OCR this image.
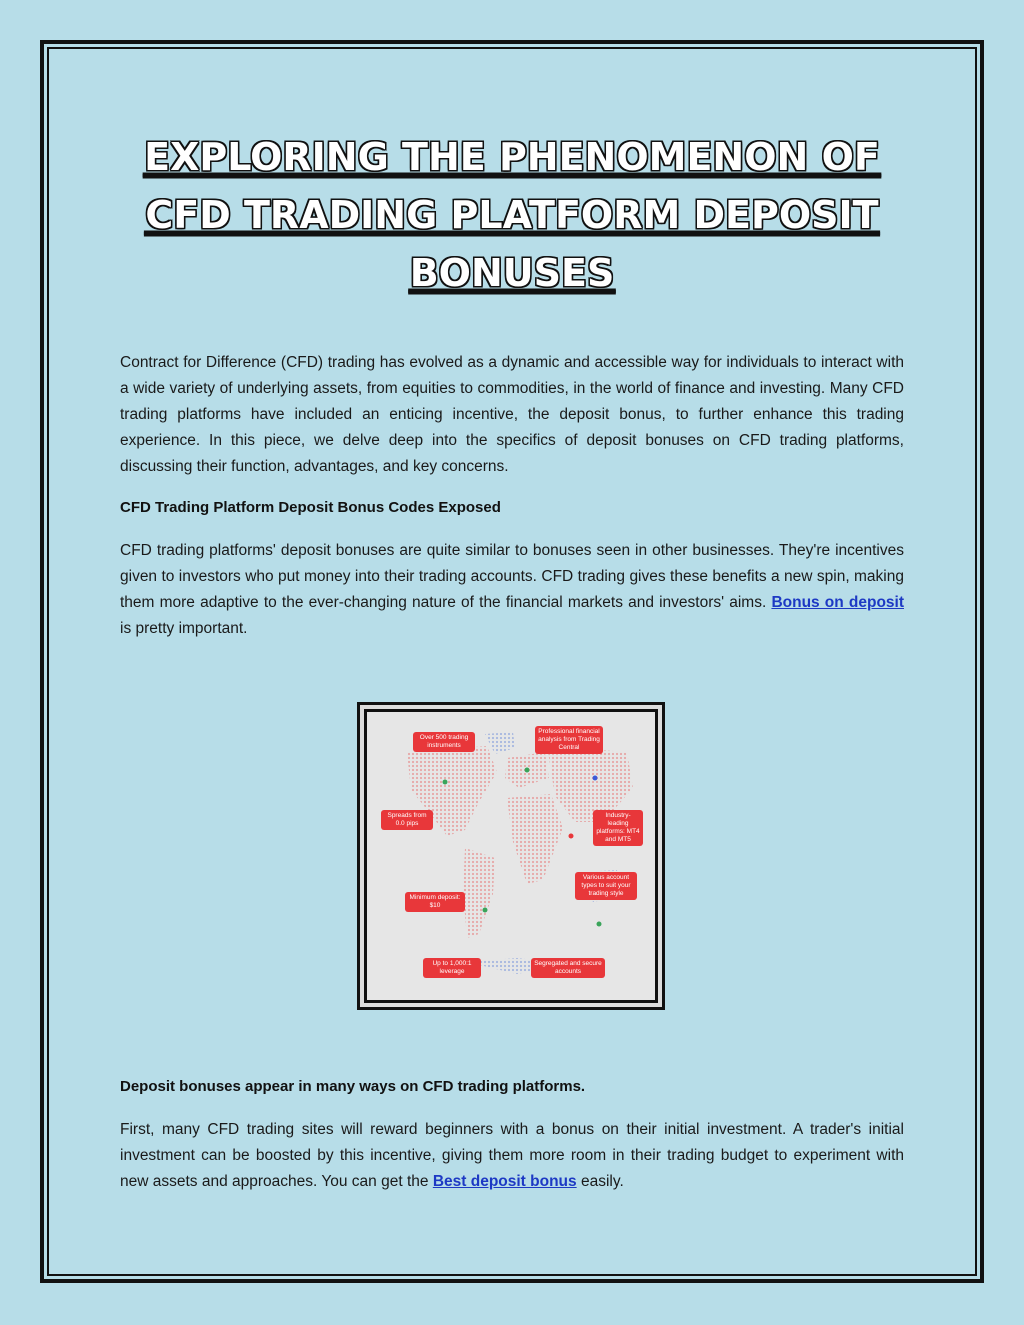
EXPLORING THE PHENOMENON OF
CFD TRADING PLATFORM DEPOSIT
BONUSES

Contract for Difference (CFD) trading has evolved as a dynamic and accessible way for individuals to interact with a wide variety of underlying assets, from equities to commodities, in the world of finance and investing. Many CFD trading platforms have included an enticing incentive, the deposit bonus, to further enhance this trading experience. In this piece, we delve deep into the specifics of deposit bonuses on CFD trading platforms, discussing their function, advantages, and key concerns.

CFD Trading Platform Deposit Bonus Codes Exposed

CFD trading platforms' deposit bonuses are quite similar to bonuses seen in other businesses. They're incentives given to investors who put money into their trading accounts. CFD trading gives these benefits a new spin, making them more adaptive to the ever-changing nature of the financial markets and investors' aims. Bonus on deposit is pretty important.

Over 500 trading instruments
Professional financial analysis from Trading Central
Spreads from 0.0 pips
Industry-leading platforms: MT4 and MT5
Various account types to suit your trading style
Minimum deposit: $10
Up to 1,000:1 leverage
Segregated and secure accounts
Deposit bonuses appear in many ways on CFD trading platforms.

First, many CFD trading sites will reward beginners with a bonus on their initial investment. A trader's initial investment can be boosted by this incentive, giving them more room in their trading budget to experiment with new assets and approaches. You can get the Best deposit bonus easily.
